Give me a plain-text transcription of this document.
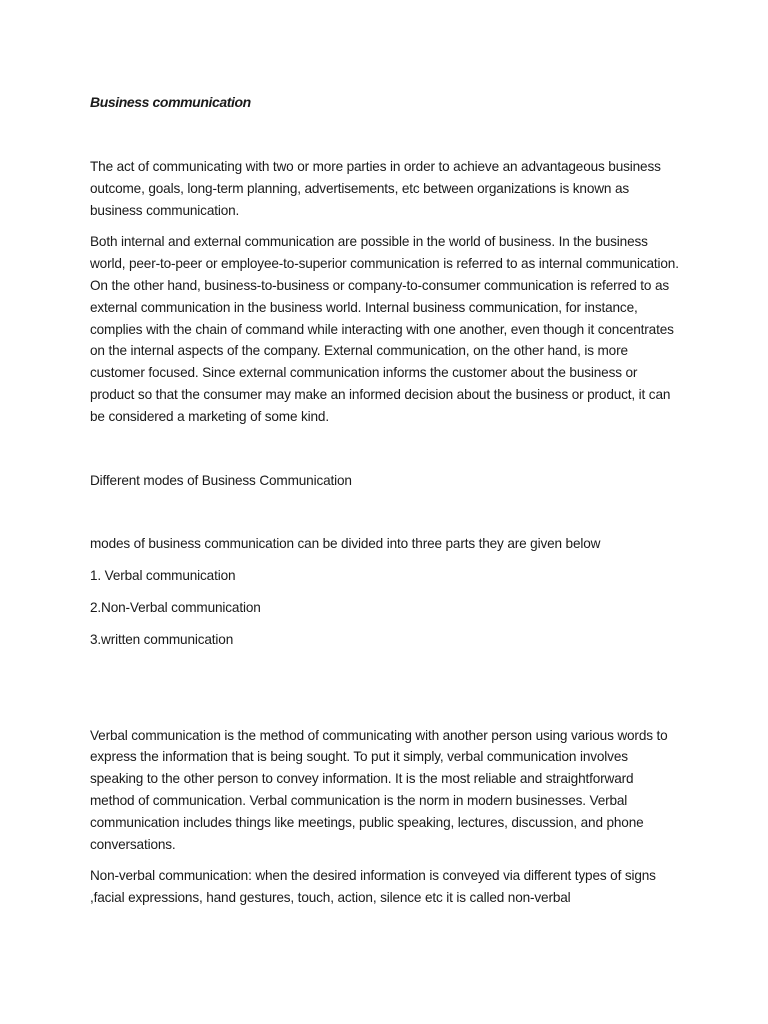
Business communication

The act of communicating with two or more parties in order to achieve an advantageous business outcome, goals, long-term planning, advertisements, etc between organizations is known as business communication.

Both internal and external communication are possible in the world of business. In the business world, peer-to-peer or employee-to-superior communication is referred to as internal communication. On the other hand, business-to-business or company-to-consumer communication is referred to as external communication in the business world. Internal business communication, for instance, complies with the chain of command while interacting with one another, even though it concentrates on the internal aspects of the company. External communication, on the other hand, is more customer focused. Since external communication informs the customer about the business or product so that the consumer may make an informed decision about the business or product, it can be considered a marketing of some kind.

Different modes of Business Communication

modes of business communication can be divided into three parts they are given below

1. Verbal communication

2.Non-Verbal communication

3.written communication

Verbal communication is the method of communicating with another person using various words to express the information that is being sought. To put it simply, verbal communication involves speaking to the other person to convey information. It is the most reliable and straightforward method of communication. Verbal communication is the norm in modern businesses. Verbal communication includes things like meetings, public speaking, lectures, discussion, and phone conversations.

Non-verbal communication: when the desired information is conveyed via different types of signs ,facial expressions, hand gestures, touch, action, silence etc it is called non-verbal
